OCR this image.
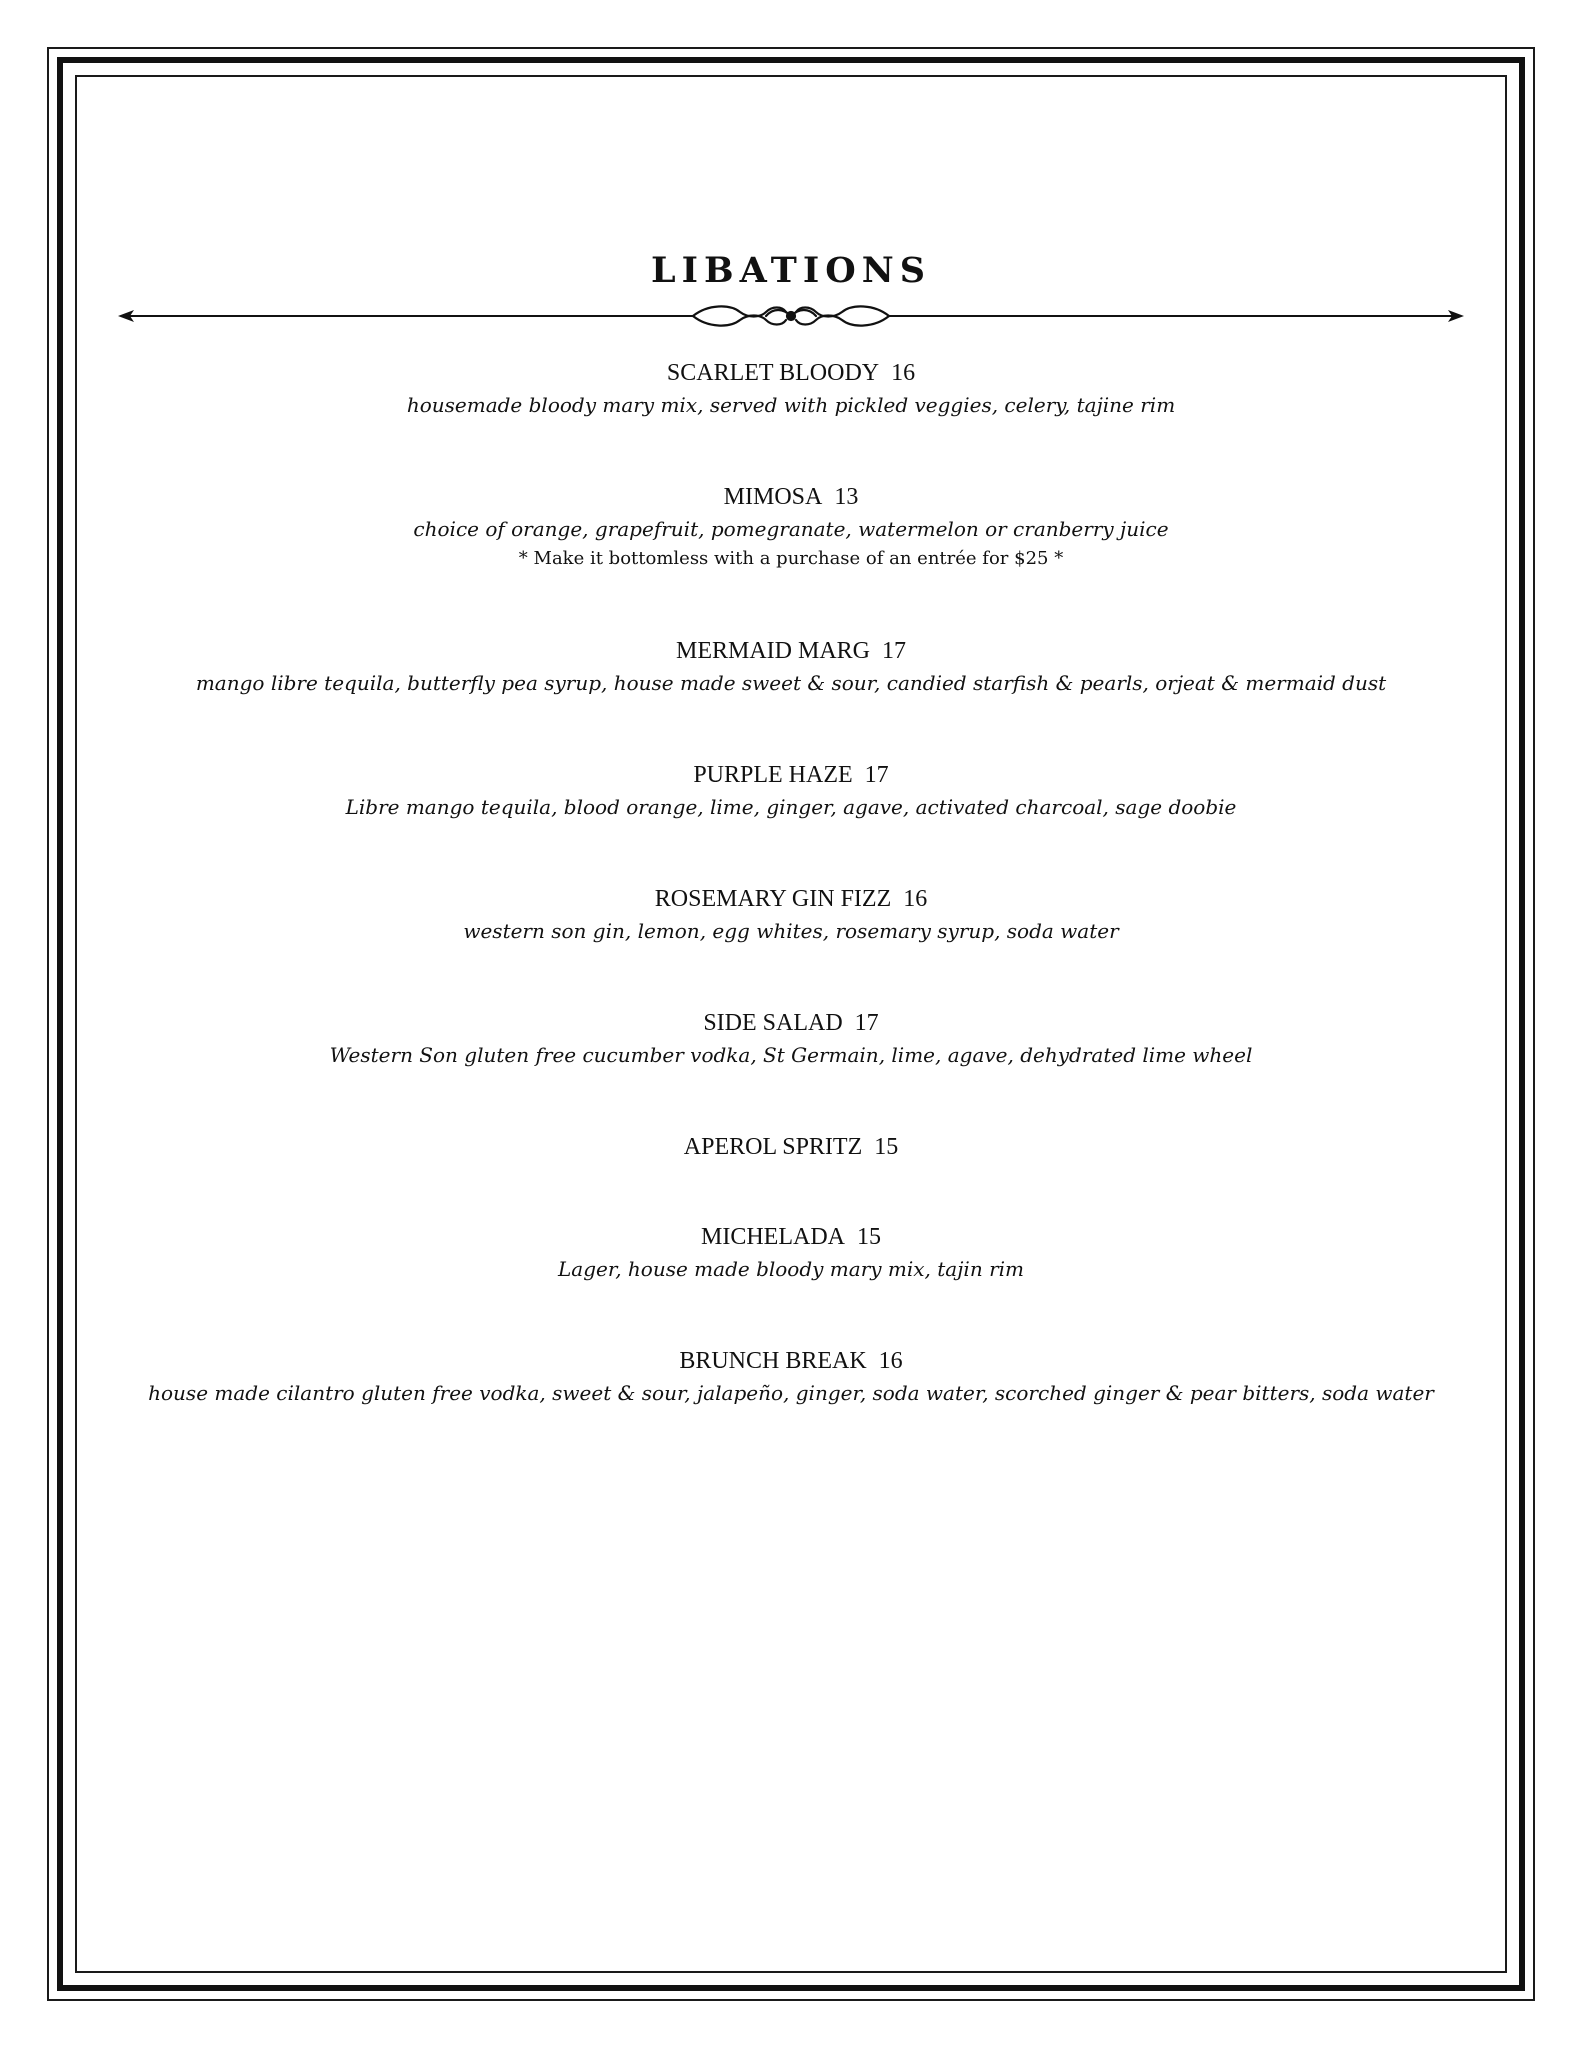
LIBATIONS
SCARLET BLOODY 16
housemade bloody mary mix, served with pickled veggies, celery, tajine rim
MIMOSA 13
choice of orange, grapefruit, pomegranate, watermelon or cranberry juice
* Make it bottomless with a purchase of an entrée for $25 *
MERMAID MARG 17
mango libre tequila, butterfly pea syrup, house made sweet & sour, candied starfish & pearls, orjeat & mermaid dust
PURPLE HAZE 17
Libre mango tequila, blood orange, lime, ginger, agave, activated charcoal, sage doobie
ROSEMARY GIN FIZZ 16
western son gin, lemon, egg whites, rosemary syrup, soda water
SIDE SALAD 17
Western Son gluten free cucumber vodka, St Germain, lime, agave, dehydrated lime wheel
APEROL SPRITZ 15
MICHELADA 15
Lager, house made bloody mary mix, tajin rim
BRUNCH BREAK 16
house made cilantro gluten free vodka, sweet & sour, jalapeño, ginger, soda water, scorched ginger & pear bitters, soda water
